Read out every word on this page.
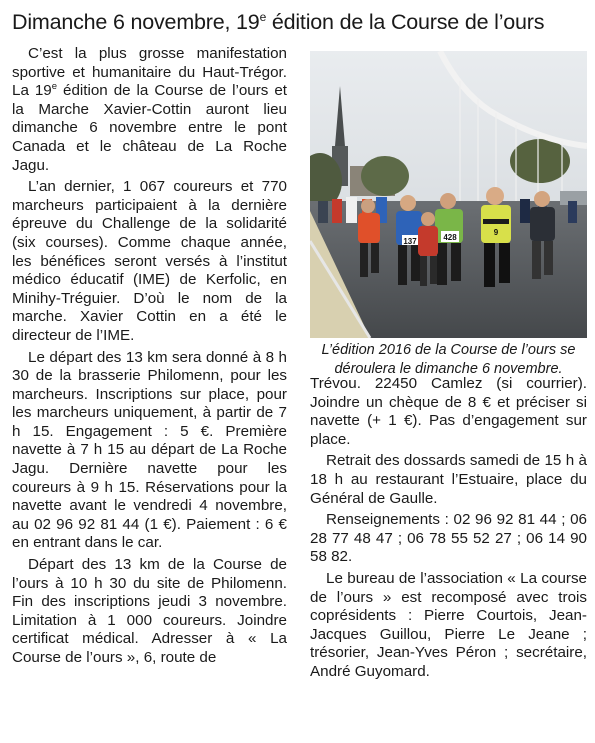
Dimanche 6 novembre, 19e édition de la Course de l’ours

C’est la plus grosse manifestation sportive et humanitaire du Haut-Trégor. La 19e édition de la Course de l’ours et la Marche Xavier-Cottin auront lieu dimanche 6 novembre entre le pont Canada et le château de La Roche Jagu.

L’an dernier, 1 067 coureurs et 770 marcheurs participaient à la dernière épreuve du Challenge de la solidarité (six courses). Comme chaque année, les bénéfices seront versés à l’institut médico éducatif (IME) de Kerfolic, en Minihy-Tréguier. D’où le nom de la marche. Xavier Cottin en a été le directeur de l’IME.

Le départ des 13 km sera donné à 8 h 30 de la brasserie Philomenn, pour les marcheurs. Inscriptions sur place, pour les marcheurs uniquement, à partir de 7 h 15. Engagement : 5 €. Première navette à 7 h 15 au départ de La Roche Jagu. Dernière navette pour les coureurs à 9 h 15. Réservations pour la navette avant le vendredi 4 novembre, au 02 96 92 81 44 (1 €). Paiement : 6 € en entrant dans le car.

Départ des 13 km de la Course de l’ours à 10 h 30 du site de Philomenn. Fin des inscriptions jeudi 3 novembre. Limitation à 1 000 coureurs. Joindre certificat médical. Adresser à « La Course de l’ours », 6, route de

137	428
9
L’édition 2016 de la Course de l’ours se déroulera le dimanche 6 novembre.

Trévou. 22450 Camlez (si courrier). Joindre un chèque de 8 € et préciser si navette (+ 1 €). Pas d’engagement sur place.

Retrait des dossards samedi de 15 h à 18 h au restaurant l’Estuaire, place du Général de Gaulle.

Renseignements : 02 96 92 81 44 ; 06 28 77 48 47 ; 06 78 55 52 27 ; 06 14 90 58 82.

Le bureau de l’association « La course de l’ours » est recomposé avec trois coprésidents : Pierre Courtois, Jean-Jacques Guillou, Pierre Le Jeane ; trésorier, Jean-Yves Péron ; secrétaire, André Guyomard.
